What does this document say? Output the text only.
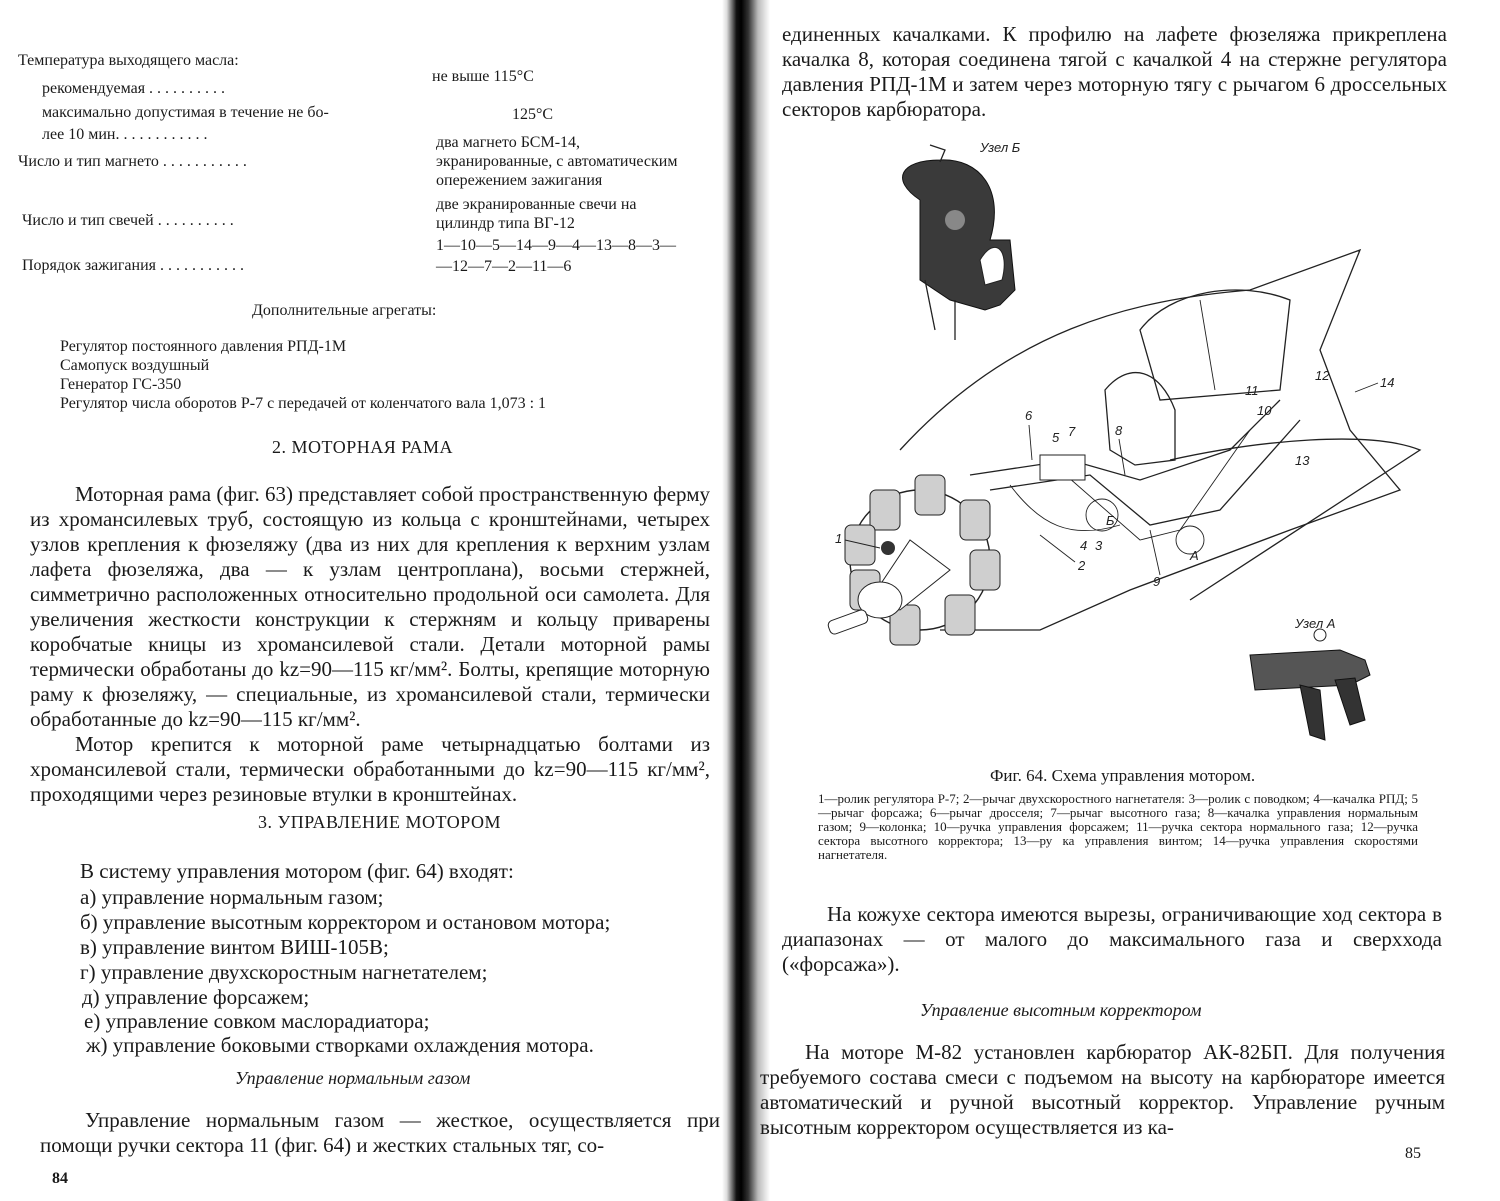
Температура выходящего масла:
рекомендуемая . . . . . . . . . .
не выше 115°С
максимально допустимая в течение не бо-
лее 10 мин. . . . . . . . . . . .
125°С
Число и тип магнето . . . . . . . . . . .
два магнето БСМ-14, экранированные, с автоматическим опережением зажигания
Число и тип свечей . . . . . . . . . .
две экранированные свечи на цилиндр типа ВГ-12
Порядок зажигания . . . . . . . . . . .
1—10—5—14—9—4—13—8—3—
—12—7—2—11—6
Дополнительные агрегаты:
Регулятор постоянного давления РПД-1М
Самопуск воздушный
Генератор ГС-350
Регулятор числа оборотов Р-7 с передачей от коленчатого вала 1,073 : 1
2. МОТОРНАЯ РАМА

Моторная рама (фиг. 63) представляет собой пространственную ферму из хромансилевых труб, состоящую из кольца с кронштейнами, четырех узлов крепления к фюзеляжу (два из них для крепления к верхним узлам лафета фюзеляжа, два — к узлам центроплана), восьми стержней, симметрично расположенных относительно продольной оси самолета. Для увеличения жесткости конструкции к стержням и кольцу приварены коробчатые кницы из хромансилевой стали. Детали моторной рамы термически обработаны до kz=90—115 кг/мм². Болты, крепящие моторную раму к фюзеляжу, — специальные, из хромансилевой стали, термически обработанные до kz=90—115 кг/мм².

Мотор крепится к моторной раме четырнадцатью болтами из хромансилевой стали, термически обработанными до kz=90—115 кг/мм², проходящими через резиновые втулки в кронштейнах.

3. УПРАВЛЕНИЕ МОТОРОМ
В систему управления мотором (фиг. 64) входят:
а) управление нормальным газом;
б) управление высотным корректором и остановом мотора;
в) управление винтом ВИШ-105В;
г) управление двухскоростным нагнетателем;
д) управление форсажем;
е) управление совком маслорадиатора;
ж) управление боковыми створками охлаждения мотора.
Управление нормальным газом
Управление нормальным газом — жесткое, осуществляется при помощи ручки сектора 11 (фиг. 64) и жестких стальных тяг, со-
84
единенных качалками. К профилю на лафете фюзеляжа прикреплена качалка 8, которая соединена тягой с качалкой 4 на стержне регулятора давления РПД-1М и затем через моторную тягу с рычагом 6 дроссельных секторов карбюратора.
Узел Б
1
2
3
4
5
6
7	8
9
10
11
12
13
14
А
Б
Узел А
Фиг. 64. Схема управления мотором.
1—ролик регулятора Р-7; 2—рычаг двухскоростного нагнетателя: 3—ролик с поводком; 4—качалка РПД; 5—рычаг форсажа; 6—рычаг дросселя; 7—рычаг высотного газа; 8—качалка управления нормальным газом; 9—колонка; 10—ручка управления форсажем; 11—ручка сектора нормального газа; 12—ручка сектора высотного корректора; 13—ру ка управления винтом; 14—ручка управления скоростями нагнетателя.
На кожухе сектора имеются вырезы, ограничивающие ход сектора в диапазонах — от малого до максимального газа и сверххода («форсажа»).
Управление высотным корректором
На моторе М-82 установлен карбюратор АК-82БП. Для получения требуемого состава смеси с подъемом на высоту на карбюраторе имеется автоматический и ручной высотный корректор. Управление ручным высотным корректором осуществляется из ка-
85
